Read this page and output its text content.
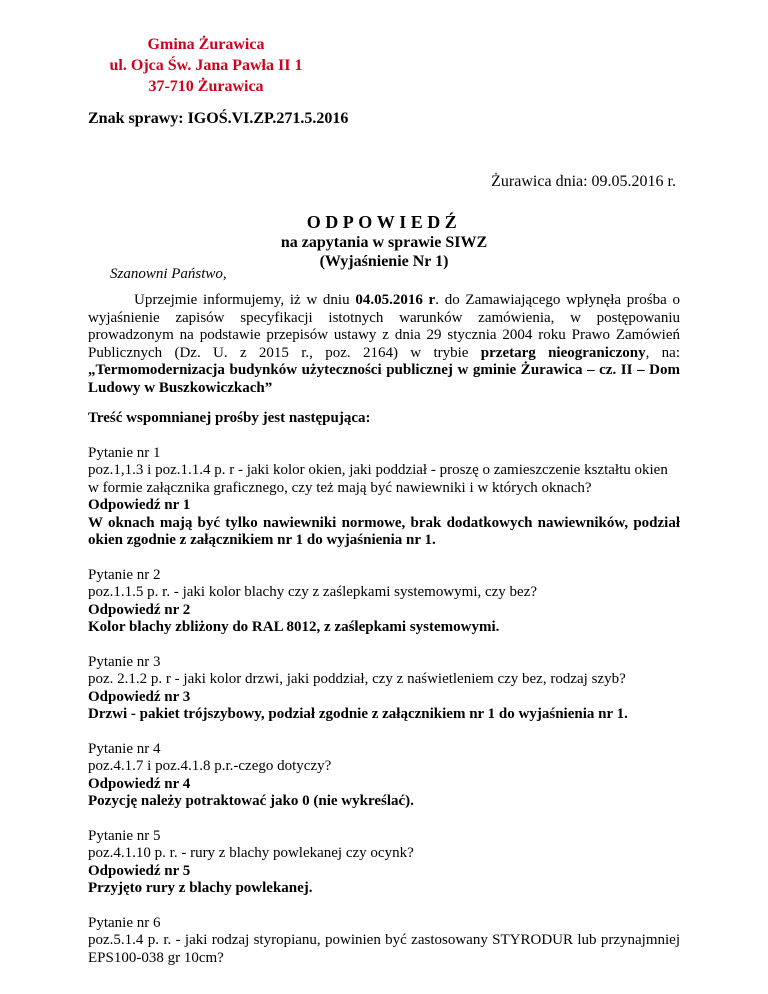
Gmina Żurawica
ul. Ojca Św. Jana Pawła II 1
37-710 Żurawica
Znak sprawy: IGOŚ.VI.ZP.271.5.2016
Żurawica dnia: 09.05.2016 r.
ODPOWIEDŹ
na zapytania w sprawie SIWZ
(Wyjaśnienie Nr 1)
Szanowni Państwo,

Uprzejmie informujemy, iż w dniu 04.05.2016 r. do Zamawiającego wpłynęła prośba o wyjaśnienie zapisów specyfikacji istotnych warunków zamówienia, w postępowaniu prowadzonym na podstawie przepisów ustawy z dnia 29 stycznia 2004 roku Prawo Zamówień Publicznych (Dz. U. z 2015 r., poz. 2164) w trybie przetarg nieograniczony, na: „Termomodernizacja budynków użyteczności publicznej w gminie Żurawica – cz. II – Dom Ludowy w Buszkowiczkach”

Treść wspomnianej prośby jest następująca:

Pytanie nr 1

poz.1,1.3 i poz.1.1.4 p. r - jaki kolor okien, jaki poddział - proszę o zamieszczenie kształtu okien w formie załącznika graficznego, czy też mają być nawiewniki i w których oknach?

Odpowiedź nr 1

W oknach mają być tylko nawiewniki normowe, brak dodatkowych nawiewników, podział okien zgodnie z załącznikiem nr 1 do wyjaśnienia nr 1.

Pytanie nr 2

poz.1.1.5 p. r. - jaki kolor blachy czy z zaślepkami systemowymi, czy bez?

Odpowiedź nr 2

Kolor blachy zbliżony do RAL 8012, z zaślepkami systemowymi.

Pytanie nr 3

poz. 2.1.2 p. r - jaki kolor drzwi, jaki poddział, czy z naświetleniem czy bez, rodzaj szyb?

Odpowiedź nr 3

Drzwi - pakiet trójszybowy, podział zgodnie z załącznikiem nr 1 do wyjaśnienia nr 1.

Pytanie nr 4

poz.4.1.7 i poz.4.1.8 p.r.-czego dotyczy?

Odpowiedź nr 4

Pozycję należy potraktować jako 0 (nie wykreślać).

Pytanie nr 5

poz.4.1.10 p. r. - rury z blachy powlekanej czy ocynk?

Odpowiedź nr 5

Przyjęto rury z blachy powlekanej.

Pytanie nr 6

poz.5.1.4 p. r. - jaki rodzaj styropianu, powinien być zastosowany STYRODUR lub przynajmniej EPS100-038 gr 10cm?
